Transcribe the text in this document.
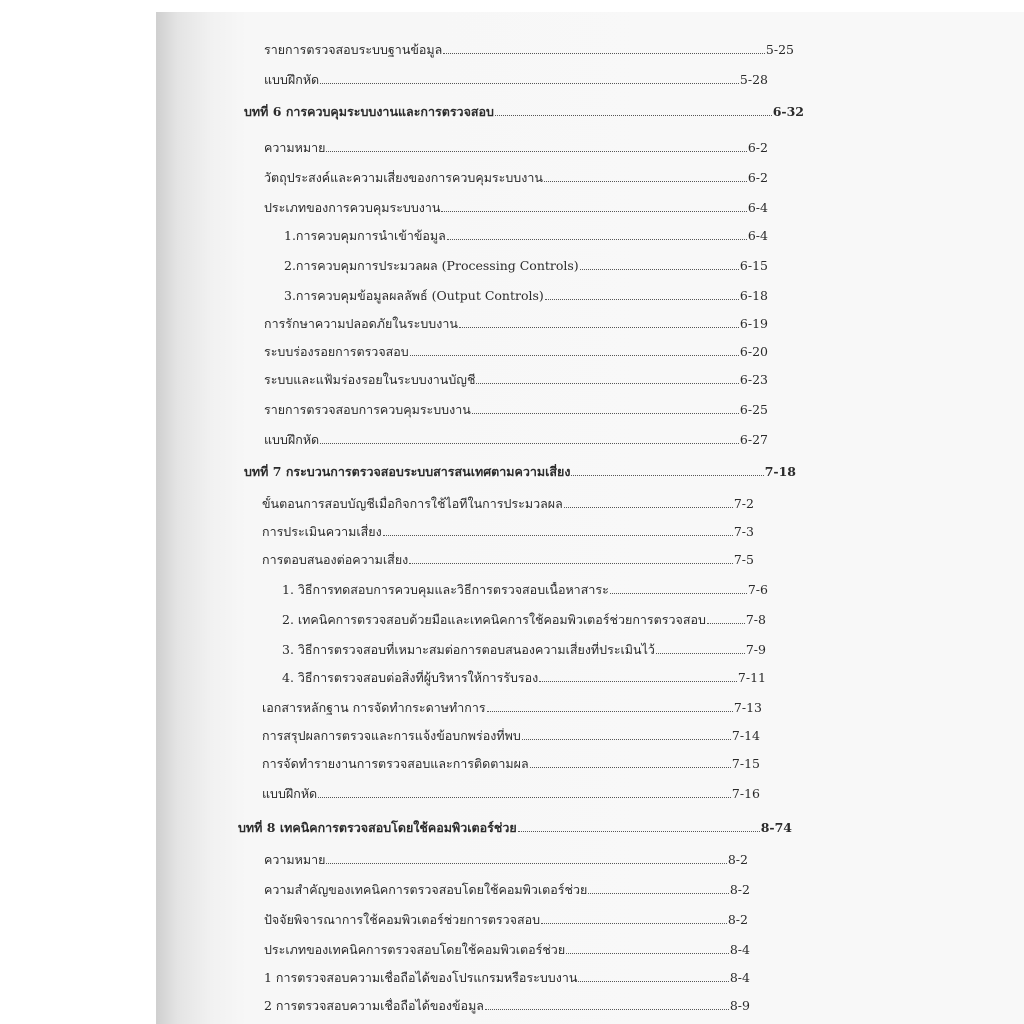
รายการตรวจสอบระบบฐานข้อมูล	5-25
แบบฝึกหัด	5-28
บทที่ 6 การควบคุมระบบงานและการตรวจสอบ	6-32
ความหมาย	6-2
วัตถุประสงค์และความเสี่ยงของการควบคุมระบบงาน	6-2
ประเภทของการควบคุมระบบงาน	6-4
1.การควบคุมการนำเข้าข้อมูล	6-4
2.การควบคุมการประมวลผล (Processing Controls)	6-15
3.การควบคุมข้อมูลผลลัพธ์ (Output Controls)	6-18
การรักษาความปลอดภัยในระบบงาน	6-19
ระบบร่องรอยการตรวจสอบ	6-20
ระบบและแฟ้มร่องรอยในระบบงานบัญชี	6-23
รายการตรวจสอบการควบคุมระบบงาน	6-25
แบบฝึกหัด	6-27
บทที่ 7 กระบวนการตรวจสอบระบบสารสนเทศตามความเสี่ยง	7-18
ขั้นตอนการสอบบัญชีเมื่อกิจการใช้ไอทีในการประมวลผล	7-2
การประเมินความเสี่ยง	7-3
การตอบสนองต่อความเสี่ยง	7-5
1. วิธีการทดสอบการควบคุมและวิธีการตรวจสอบเนื้อหาสาระ	7-6
2. เทคนิคการตรวจสอบด้วยมือและเทคนิคการใช้คอมพิวเตอร์ช่วยการตรวจสอบ	7-8
3. วิธีการตรวจสอบที่เหมาะสมต่อการตอบสนองความเสี่ยงที่ประเมินไว้	7-9
4. วิธีการตรวจสอบต่อสิ่งที่ผู้บริหารให้การรับรอง	7-11
เอกสารหลักฐาน การจัดทำกระดาษทำการ	7-13
การสรุปผลการตรวจและการแจ้งข้อบกพร่องที่พบ	7-14
การจัดทำรายงานการตรวจสอบและการติดตามผล	7-15
แบบฝึกหัด	7-16
บทที่ 8 เทคนิคการตรวจสอบโดยใช้คอมพิวเตอร์ช่วย	8-74
ความหมาย	8-2
ความสำคัญของเทคนิคการตรวจสอบโดยใช้คอมพิวเตอร์ช่วย	8-2
ปัจจัยพิจารณาการใช้คอมพิวเตอร์ช่วยการตรวจสอบ	8-2
ประเภทของเทคนิคการตรวจสอบโดยใช้คอมพิวเตอร์ช่วย	8-4
1 การตรวจสอบความเชื่อถือได้ของโปรแกรมหรือระบบงาน	8-4
2 การตรวจสอบความเชื่อถือได้ของข้อมูล	8-9
